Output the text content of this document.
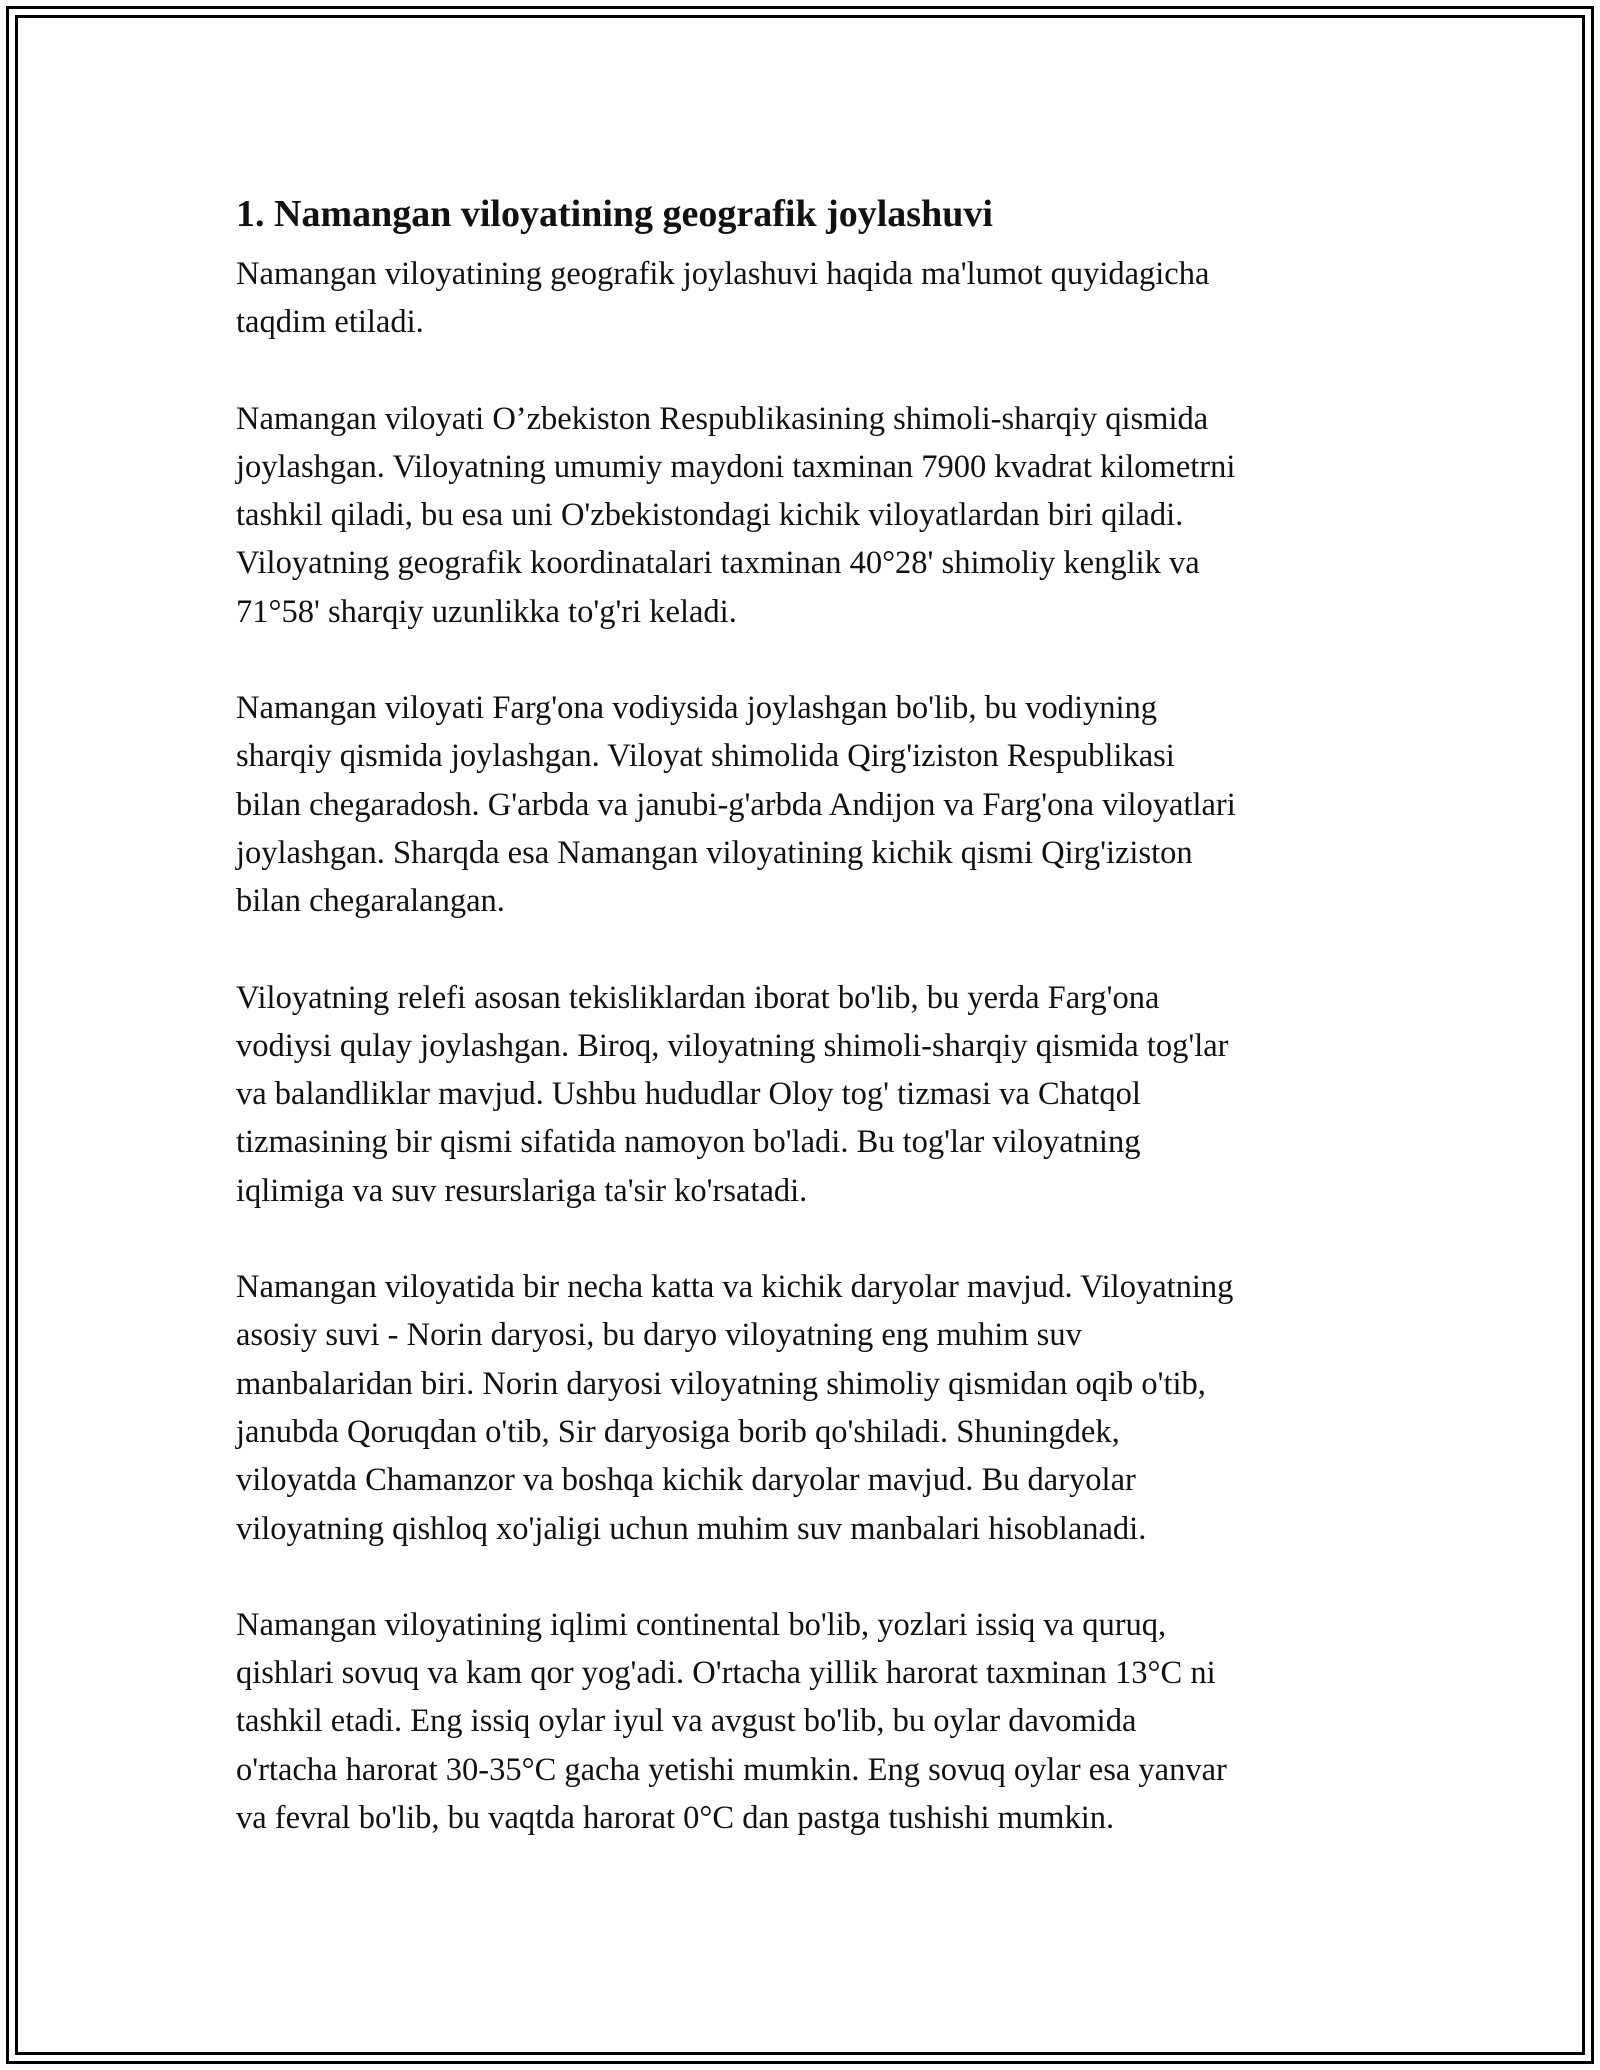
1. Namangan viloyatining geografik joylashuvi

Namangan viloyatining geografik joylashuvi haqida ma'lumot quyidagicha
taqdim etiladi.

Namangan viloyati O’zbekiston Respublikasining shimoli-sharqiy qismida
joylashgan. Viloyatning umumiy maydoni taxminan 7900 kvadrat kilometrni
tashkil qiladi, bu esa uni O'zbekistondagi kichik viloyatlardan biri qiladi.
Viloyatning geografik koordinatalari taxminan 40°28' shimoliy kenglik va
71°58' sharqiy uzunlikka to'g'ri keladi.

Namangan viloyati Farg'ona vodiysida joylashgan bo'lib, bu vodiyning
sharqiy qismida joylashgan. Viloyat shimolida Qirg'iziston Respublikasi
bilan chegaradosh. G'arbda va janubi-g'arbda Andijon va Farg'ona viloyatlari
joylashgan. Sharqda esa Namangan viloyatining kichik qismi Qirg'iziston
bilan chegaralangan.

Viloyatning relefi asosan tekisliklardan iborat bo'lib, bu yerda Farg'ona
vodiysi qulay joylashgan. Biroq, viloyatning shimoli-sharqiy qismida tog'lar
va balandliklar mavjud. Ushbu hududlar Oloy tog' tizmasi va Chatqol
tizmasining bir qismi sifatida namoyon bo'ladi. Bu tog'lar viloyatning
iqlimiga va suv resurslariga ta'sir ko'rsatadi.

Namangan viloyatida bir necha katta va kichik daryolar mavjud. Viloyatning
asosiy suvi - Norin daryosi, bu daryo viloyatning eng muhim suv
manbalaridan biri. Norin daryosi viloyatning shimoliy qismidan oqib o'tib,
janubda Qoruqdan o'tib, Sir daryosiga borib qo'shiladi. Shuningdek,
viloyatda Chamanzor va boshqa kichik daryolar mavjud. Bu daryolar
viloyatning qishloq xo'jaligi uchun muhim suv manbalari hisoblanadi.

Namangan viloyatining iqlimi continental bo'lib, yozlari issiq va quruq,
qishlari sovuq va kam qor yog'adi. O'rtacha yillik harorat taxminan 13°C ni
tashkil etadi. Eng issiq oylar iyul va avgust bo'lib, bu oylar davomida
o'rtacha harorat 30-35°C gacha yetishi mumkin. Eng sovuq oylar esa yanvar
va fevral bo'lib, bu vaqtda harorat 0°C dan pastga tushishi mumkin.
